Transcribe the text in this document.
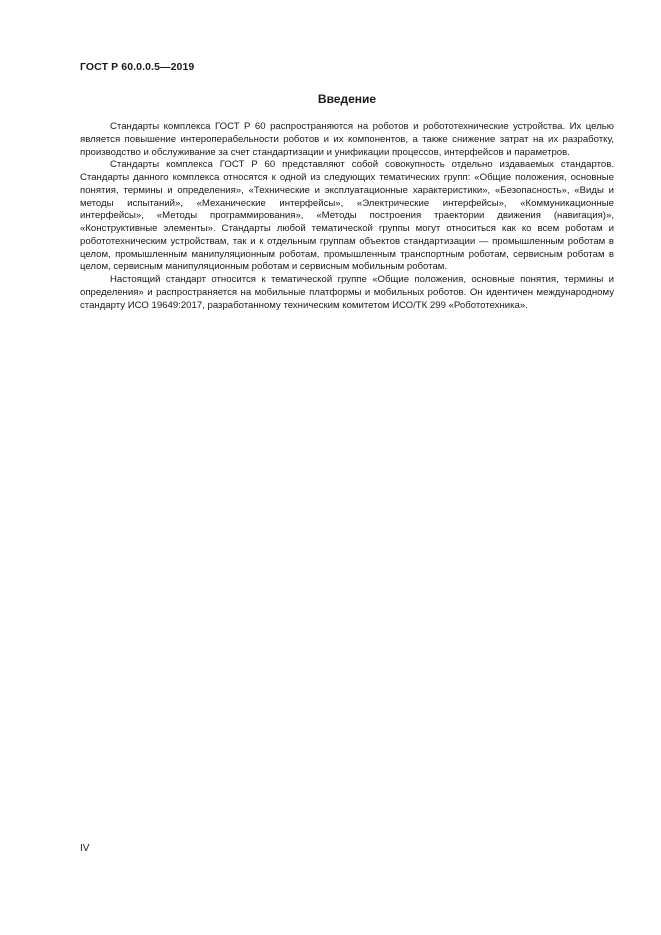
ГОСТ Р 60.0.0.5—2019
Введение

Стандарты комплекса ГОСТ Р 60 распространяются на роботов и робототехнические устройства. Их целью является повышение интероперабельности роботов и их компонентов, а также снижение затрат на их разработку, производство и обслуживание за счет стандартизации и унификации процессов, интерфейсов и параметров.

Стандарты комплекса ГОСТ Р 60 представляют собой совокупность отдельно издаваемых стандартов. Стандарты данного комплекса относятся к одной из следующих тематических групп: «Общие положения, основные понятия, термины и определения», «Технические и эксплуатационные характеристики», «Безопасность», «Виды и методы испытаний», «Механические интерфейсы», «Электрические интерфейсы», «Коммуникационные интерфейсы», «Методы программирования», «Методы построения траектории движения (навигация)», «Конструктивные элементы». Стандарты любой тематической группы могут относиться как ко всем роботам и робототехническим устройствам, так и к отдельным группам объектов стандартизации — промышленным роботам в целом, промышленным манипуляционным роботам, промышленным транспортным роботам, сервисным роботам в целом, сервисным манипуляционным роботам и сервисным мобильным роботам.

Настоящий стандарт относится к тематической группе «Общие положения, основные понятия, термины и определения» и распространяется на мобильные платформы и мобильных роботов. Он идентичен международному стандарту ИСО 19649:2017, разработанному техническим комитетом ИСО/ТК 299 «Робототехника».

IV
